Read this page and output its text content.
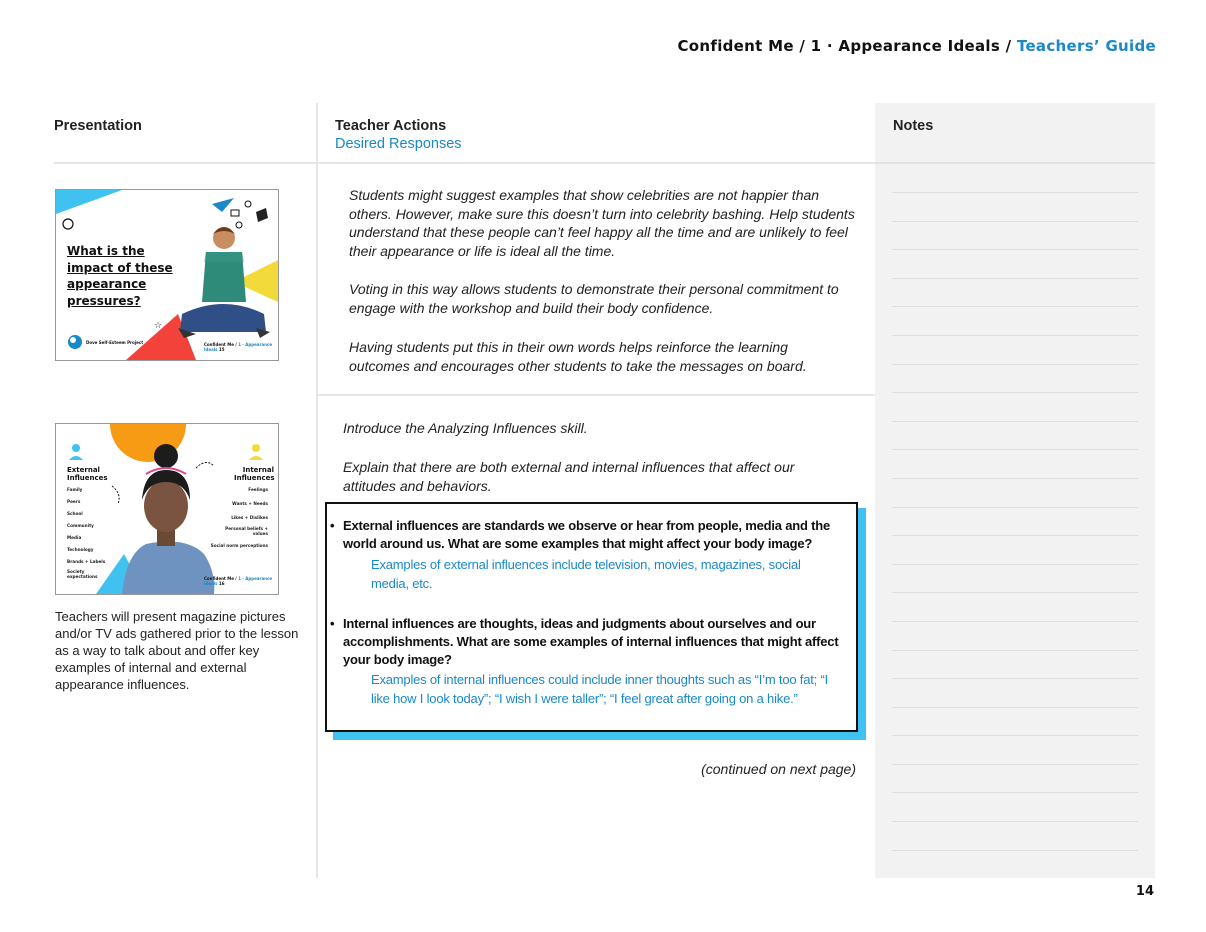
Confident Me / 1 · Appearance Ideals / Teachers’ Guide
Presentation	Teacher Actions
Desired Responses
Notes
☆
What is the
impact of these
appearance
pressures?
Dove Self-Esteem Project	Confident Me / 1 · Appearance Ideals 15
Students might suggest examples that show celebrities are not happier than others. However, make sure this doesn’t turn into celebrity bashing. Help students understand that these people can’t feel happy all the time and are unlikely to feel their appearance or life is ideal all the time.
Voting in this way allows students to demonstrate their personal commitment to engage with the workshop and build their body confidence.
Having students put this in their own words helps reinforce the learning outcomes and encourages other students to take the messages on board.
External Influences
Internal Influences
Family
Peers
School
Community
Media
Technology
Brands + Labels
Society expectations
Feelings
Wants + Needs
Likes + Dislikes
Personal beliefs + values
Social norm perceptions
Confident Me / 1 · Appearance Ideals 16
Teachers will present magazine pictures and/or TV ads gathered prior to the lesson as a way to talk about and offer key examples of internal and external appearance influences.
Introduce the Analyzing Influences skill.
Explain that there are both external and internal influences that affect our attitudes and behaviors.
• External influences are standards we observe or hear from people, media and the world around us. What are some examples that might affect your body image?
Examples of external influences include television, movies, magazines, social media, etc.
• Internal influences are thoughts, ideas and judgments about ourselves and our accomplishments. What are some examples of internal influences that might affect your body image?
Examples of internal influences could include inner thoughts such as “I’m too fat; “I like how I look today”; “I wish I were taller”; “I feel great after going on a hike.”
(continued on next page)
14
